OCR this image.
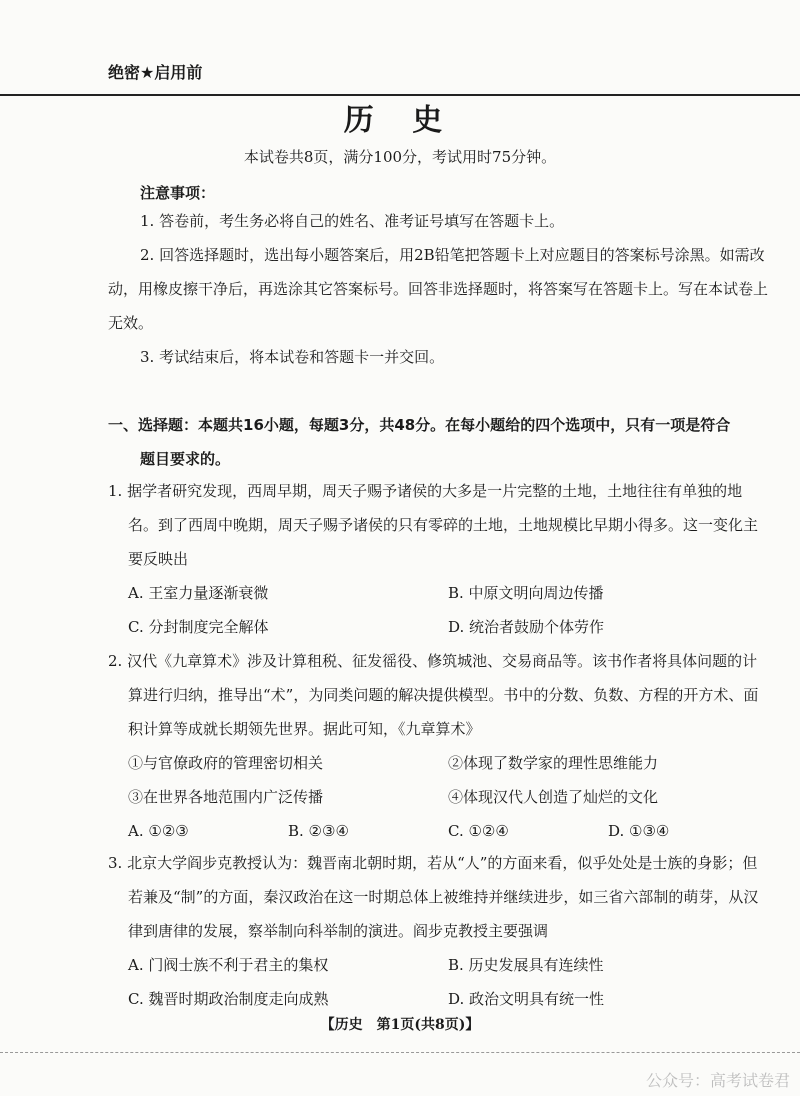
绝密★启用前
历 史
本试卷共8页，满分100分，考试用时75分钟。
注意事项：

1. 答卷前，考生务必将自己的姓名、准考证号填写在答题卡上。

2. 回答选择题时，选出每小题答案后，用2B铅笔把答题卡上对应题目的答案标号涂黑。如需改动，用橡皮擦干净后，再选涂其它答案标号。回答非选择题时，将答案写在答题卡上。写在本试卷上无效。

3. 考试结束后，将本试卷和答题卡一并交回。

一、选择题：本题共16小题，每题3分，共48分。在每小题给的四个选项中，只有一项是符合
题目要求的。
1. 据学者研究发现，西周早期，周天子赐予诸侯的大多是一片完整的土地，土地往往有单独的地名。到了西周中晚期，周天子赐予诸侯的只有零碎的土地，土地规模比早期小得多。这一变化主要反映出
A. 王室力量逐渐衰微	B. 中原文明向周边传播
C. 分封制度完全解体	D. 统治者鼓励个体劳作
2. 汉代《九章算术》涉及计算租税、征发徭役、修筑城池、交易商品等。该书作者将具体问题的计算进行归纳，推导出“术”，为同类问题的解决提供模型。书中的分数、负数、方程的开方术、面积计算等成就长期领先世界。据此可知，《九章算术》
①与官僚政府的管理密切相关	②体现了数学家的理性思维能力
③在世界各地范围内广泛传播	④体现汉代人创造了灿烂的文化
A. ①②③	B. ②③④	C. ①②④	D. ①③④
3. 北京大学阎步克教授认为：魏晋南北朝时期，若从“人”的方面来看，似乎处处是士族的身影；但若兼及“制”的方面，秦汉政治在这一时期总体上被维持并继续进步，如三省六部制的萌芽，从汉律到唐律的发展，察举制向科举制的演进。阎步克教授主要强调
A. 门阀士族不利于君主的集权	B. 历史发展具有连续性
C. 魏晋时期政治制度走向成熟	D. 政治文明具有统一性
【历史　第1页(共8页)】
公众号：高考试卷君
